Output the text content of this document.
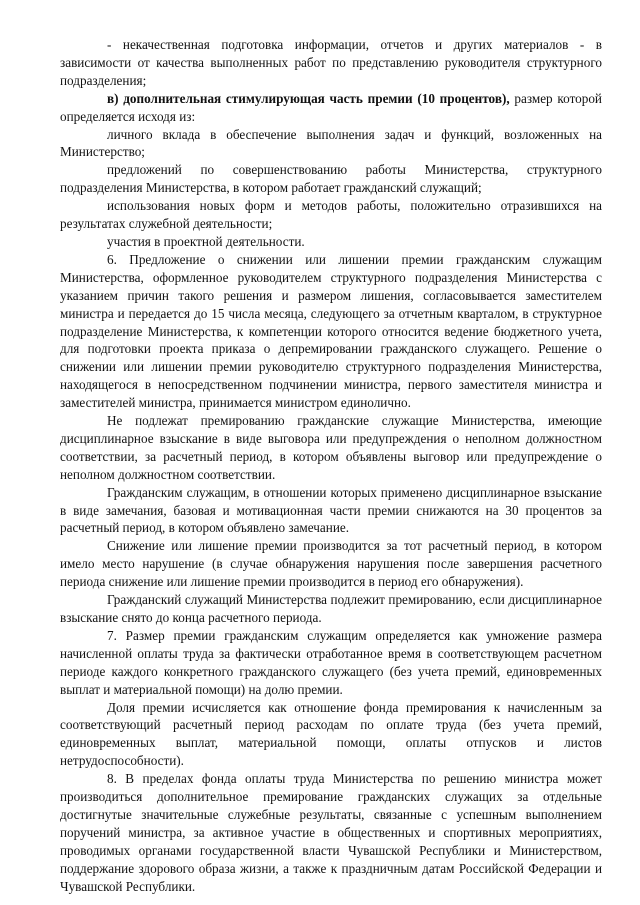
- некачественная подготовка информации, отчетов и других материалов - в зависимости от качества выполненных работ по представлению руководителя структурного подразделения;

в) дополнительная стимулирующая часть премии (10 процентов), размер которой определяется исходя из:

личного вклада в обеспечение выполнения задач и функций, возложенных на Министерство;

предложений по совершенствованию работы Министерства, структурного подразделения Министерства, в котором работает гражданский служащий;

использования новых форм и методов работы, положительно отразившихся на результатах служебной деятельности;

участия в проектной деятельности.

6. Предложение о снижении или лишении премии гражданским служащим Министерства, оформленное руководителем структурного подразделения Министерства с указанием причин такого решения и размером лишения, согласовывается заместителем министра и передается до 15 числа месяца, следующего за отчетным кварталом, в структурное подразделение Министерства, к компетенции которого относится ведение бюджетного учета, для подготовки проекта приказа о депремировании гражданского служащего. Решение о снижении или лишении премии руководителю структурного подразделения Министерства, находящегося в непосредственном подчинении министра, первого заместителя министра и заместителей министра, принимается министром единолично.

Не подлежат премированию гражданские служащие Министерства, имеющие дисциплинарное взыскание в виде выговора или предупреждения о неполном должностном соответствии, за расчетный период, в котором объявлены выговор или предупреждение о неполном должностном соответствии.

Гражданским служащим, в отношении которых применено дисциплинарное взыскание в виде замечания, базовая и мотивационная части премии снижаются на 30 процентов за расчетный период, в котором объявлено замечание.

Снижение или лишение премии производится за тот расчетный период, в котором имело место нарушение (в случае обнаружения нарушения после завершения расчетного периода снижение или лишение премии производится в период его обнаружения).

Гражданский служащий Министерства подлежит премированию, если дисциплинарное взыскание снято до конца расчетного периода.

7. Размер премии гражданским служащим определяется как умножение размера начисленной оплаты труда за фактически отработанное время в соответствующем расчетном периоде каждого конкретного гражданского служащего (без учета премий, единовременных выплат и материальной помощи) на долю премии.

Доля премии исчисляется как отношение фонда премирования к начисленным за соответствующий расчетный период расходам по оплате труда (без учета премий, единовременных выплат, материальной помощи, оплаты отпусков и листов нетрудоспособности).

8. В пределах фонда оплаты труда Министерства по решению министра может производиться дополнительное премирование гражданских служащих за отдельные достигнутые значительные служебные результаты, связанные с успешным выполнением поручений министра, за активное участие в общественных и спортивных мероприятиях, проводимых органами государственной власти Чувашской Республики и Министерством, поддержание здорового образа жизни, а также к праздничным датам Российской Федерации и Чувашской Республики.
